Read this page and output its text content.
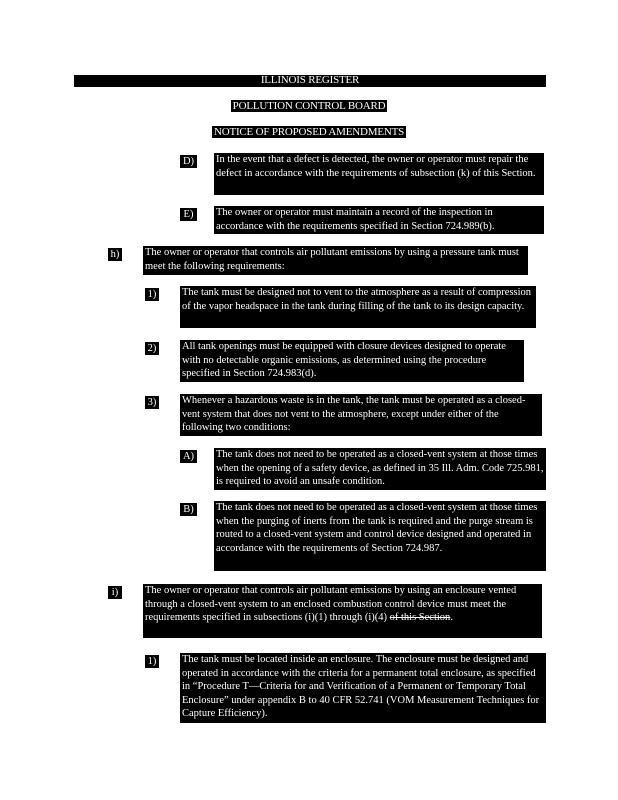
ILLINOIS REGISTER
POLLUTION CONTROL BOARD
NOTICE OF PROPOSED AMENDMENTS
D) In the event that a defect is detected, the owner or operator must repair the defect in accordance with the requirements of subsection (k) of this Section.
E)	The owner or operator must maintain a record of the inspection in accordance with the requirements specified in Section 724.989(b).
h) The owner or operator that controls air pollutant emissions by using a pressure tank must meet the following requirements:
1) The tank must be designed not to vent to the atmosphere as a result of compression of the vapor headspace in the tank during filling of the tank to its design capacity.
2) All tank openings must be equipped with closure devices designed to operate with no detectable organic emissions, as determined using the procedure specified in Section 724.983(d).
3) Whenever a hazardous waste is in the tank, the tank must be operated as a closed-vent system that does not vent to the atmosphere, except under either of the following two conditions:
A) The tank does not need to be operated as a closed-vent system at those times when the opening of a safety device, as defined in 35 Ill. Adm. Code 725.981, is required to avoid an unsafe condition.
B)	The tank does not need to be operated as a closed-vent system at those times when the purging of inerts from the tank is required and the purge stream is routed to a closed-vent system and control device designed and operated in accordance with the requirements of Section 724.987.
i)	The owner or operator that controls air pollutant emissions by using an enclosure vented through a closed-vent system to an enclosed combustion control device must meet the requirements specified in subsections (i)(1) through (i)(4) of this Section.
1) The tank must be located inside an enclosure. The enclosure must be designed and operated in accordance with the criteria for a permanent total enclosure, as specified in “Procedure T—Criteria for and Verification of a Permanent or Temporary Total Enclosure” under appendix B to 40 CFR 52.741 (VOM Measurement Techniques for Capture Efficiency).
